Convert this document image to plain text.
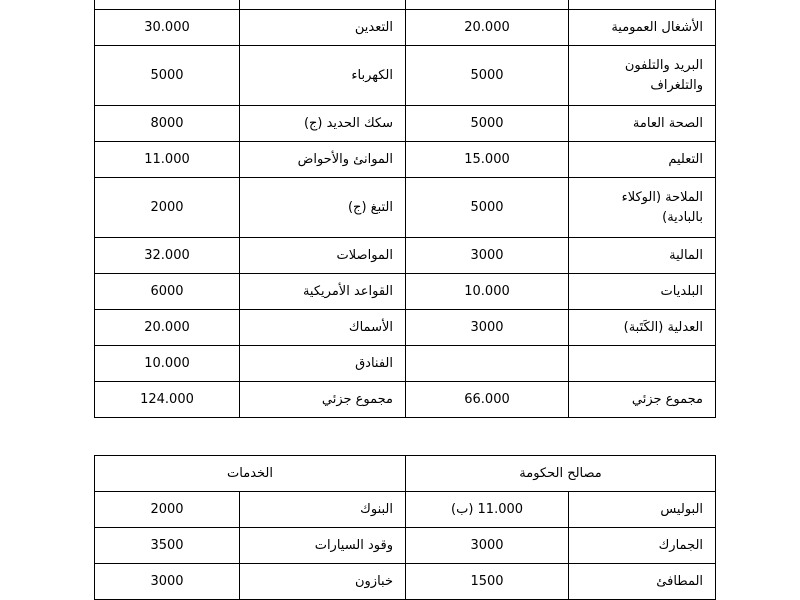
الأشغال العمومية	20.000	التعدين	30.000
البريد والتلفون والتلغراف	5000	الكهرباء	5000
الصحة العامة	5000	سكك الحديد (ج)	8000
التعليم	15.000	الموانئ والأحواض	11.000
الملاحة (الوكلاء بالبادية)	5000	التبغ (ج)	2000
المالية	3000	المواصلات	32.000
البلديات	10.000	القواعد الأمريكية	6000
العدلية (الكَتَبة)	3000	الأسماك	20.000
		الفنادق	10.000
مجموع جزئي	66.000	مجموع جزئي	124.000
مصالح الحكومة		الخدمات	
البوليس	11.000 (ب)	البنوك	2000
الجمارك	3000	وقود السيارات	3500
المطافئ	1500	خبازون	3000
